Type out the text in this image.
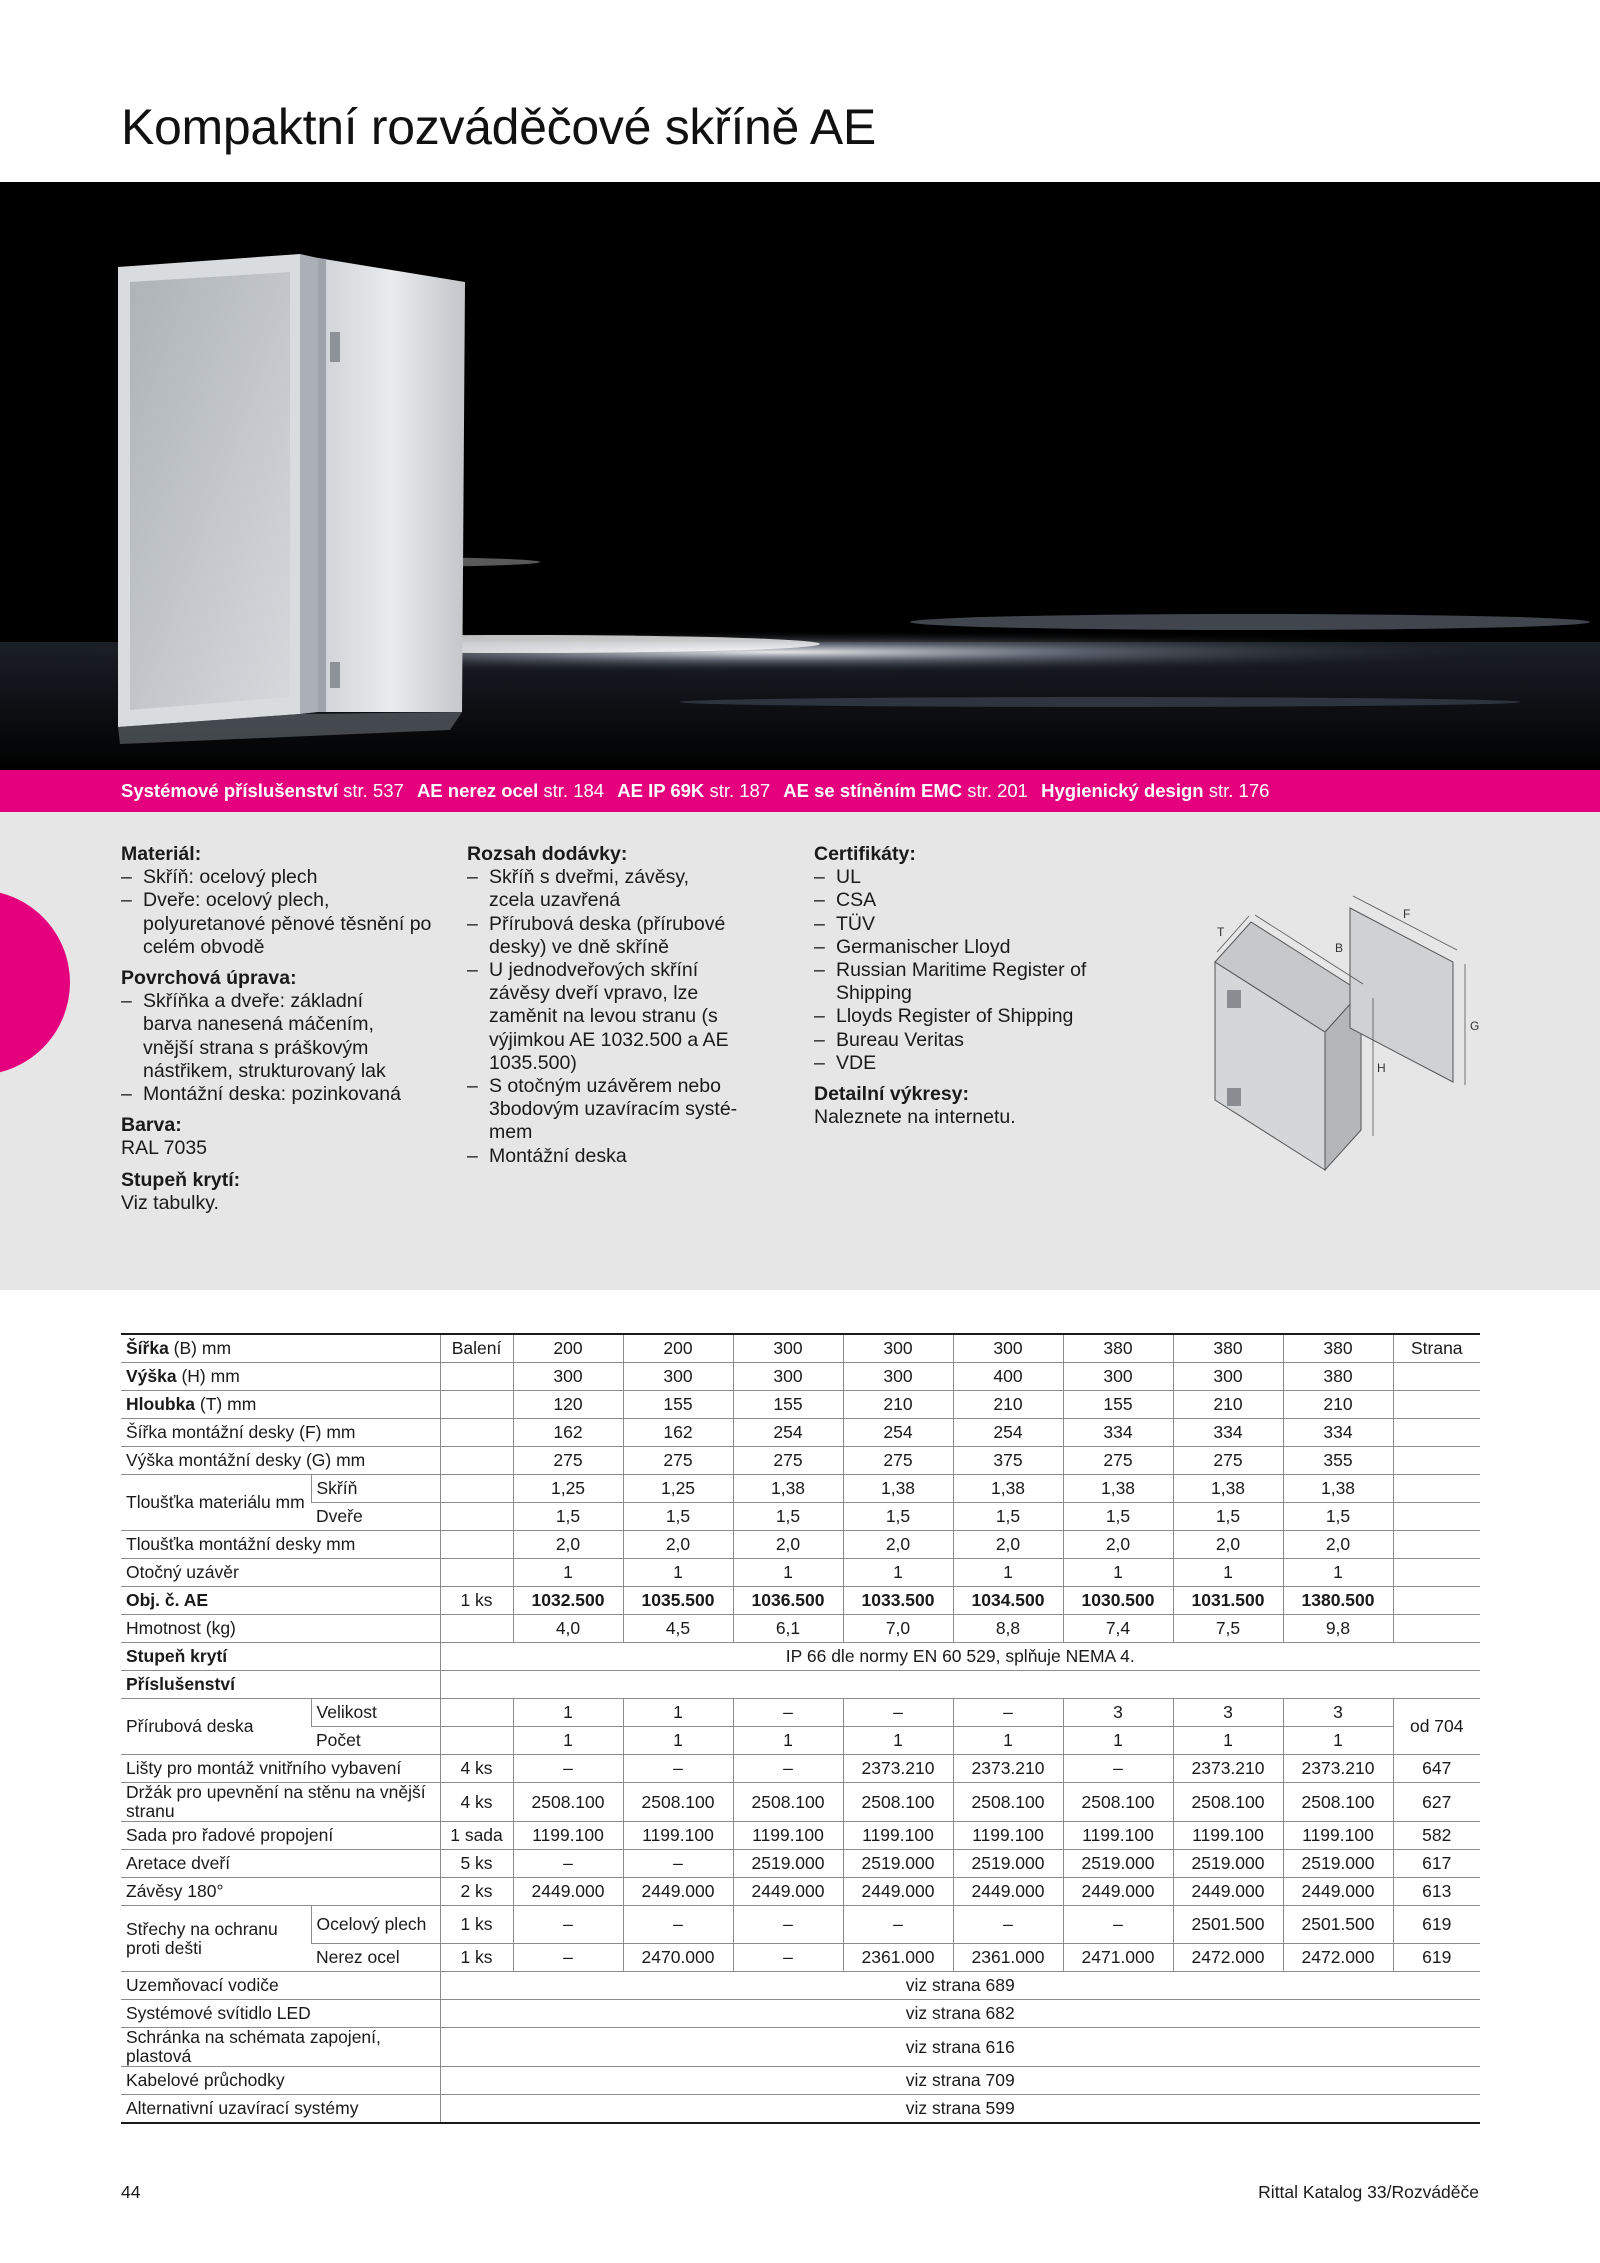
Kompaktní rozváděčové skříně AE
Systémové příslušenství str. 537 AE nerez ocel str. 184 AE IP 69K str. 187 AE se stíněním EMC str. 201 Hygienický design str. 176
Materiál:
– Skříň: ocelový plech
– Dveře: ocelový plech, polyuretanové pěnové těsnění po celém obvodě
Povrchová úprava:
– Skříňka a dveře: základní barva nanesená máčením, vnější strana s práškovým nástřikem, strukturovaný lak
– Montážní deska: pozinkovaná
Barva:
RAL 7035
Stupeň krytí:
Viz tabulky.
Rozsah dodávky:
– Skříň s dveřmi, závěsy, zcela uzavřená
– Přírubová deska (přírubové desky) ve dně skříně
– U jednodveřových skříní závěsy dveří vpravo, lze zaměnit na levou stranu (s výjimkou AE 1032.500 a AE 1035.500)
– S otočným uzávěrem nebo 3bodovým uzavíracím systé- mem
– Montážní deska
Certifikáty:
– UL
– CSA
– TÜV
– Germanischer Lloyd
– Russian Maritime Register of Shipping
– Lloyds Register of Shipping
– Bureau Veritas
– VDE
Detailní výkresy:
Naleznete na internetu.
T
B
F
G
H
Šířka (B) mm		Balení	200	200	300	300	300	380	380	380	Strana
Výška (H) mm			300	300	300	300	400	300	300	380	
Hloubka (T) mm			120	155	155	210	210	155	210	210	
Šířka montážní desky (F) mm			162	162	254	254	254	334	334	334	
Výška montážní desky (G) mm			275	275	275	275	375	275	275	355	
Tloušťka materiálu mm	Skříň		1,25	1,25	1,38	1,38	1,38	1,38	1,38	1,38	
	Dveře		1,5	1,5	1,5	1,5	1,5	1,5	1,5	1,5	
Tloušťka montážní desky mm			2,0	2,0	2,0	2,0	2,0	2,0	2,0	2,0	
Otočný uzávěr			1	1	1	1	1	1	1	1	
Obj. č. AE		1 ks	1032.500	1035.500	1036.500	1033.500	1034.500	1030.500	1031.500	1380.500	
Hmotnost (kg)			4,0	4,5	6,1	7,0	8,8	7,4	7,5	9,8	
Stupeň krytí		IP 66 dle normy EN 60 529, splňuje NEMA 4.									
Příslušenství											
Přírubová deska	Velikost		1	1	–	–	–	3	3	3	od 704
	Počet		1	1	1	1	1	1	1	1	
Lišty pro montáž vnitřního vybavení		4 ks	–	–	–	2373.210	2373.210	–	2373.210	2373.210	647
Držák pro upevnění na stěnu na vnější stranu		4 ks	2508.100	2508.100	2508.100	2508.100	2508.100	2508.100	2508.100	2508.100	627
Sada pro řadové propojení		1 sada	1199.100	1199.100	1199.100	1199.100	1199.100	1199.100	1199.100	1199.100	582
Aretace dveří		5 ks	–	–	2519.000	2519.000	2519.000	2519.000	2519.000	2519.000	617
Závěsy 180°		2 ks	2449.000	2449.000	2449.000	2449.000	2449.000	2449.000	2449.000	2449.000	613
Střechy na ochranu proti dešti	Ocelový plech	1 ks	–	–	–	–	–	–	2501.500	2501.500	619
	Nerez ocel	1 ks	–	2470.000	–	2361.000	2361.000	2471.000	2472.000	2472.000	619
Uzemňovací vodiče		viz strana 689									
Systémové svítidlo LED		viz strana 682									
Schránka na schémata zapojení, plastová		viz strana 616									
Kabelové průchodky		viz strana 709									
Alternativní uzavírací systémy		viz strana 599									
44	Rittal Katalog 33/Rozváděče
